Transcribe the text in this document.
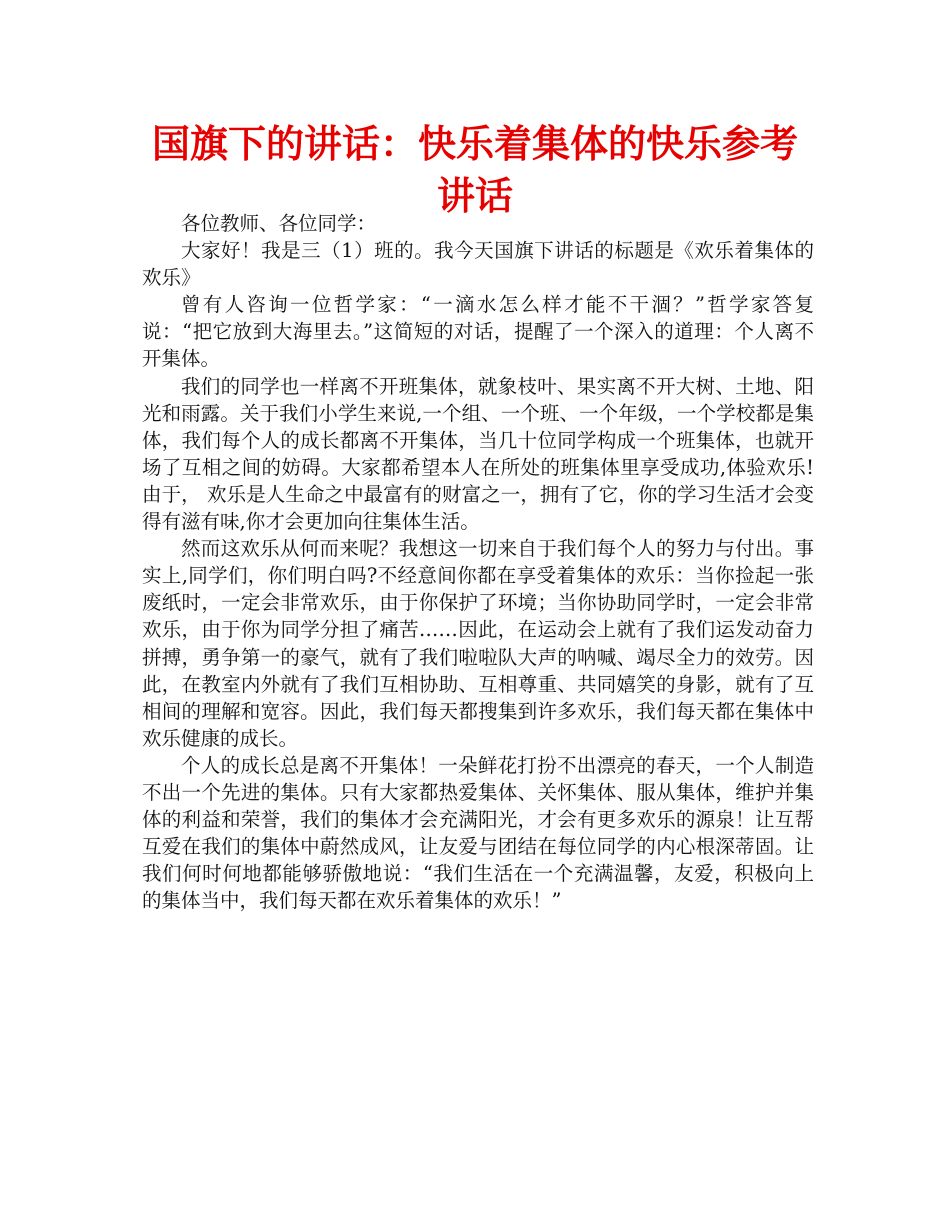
国旗下的讲话：快乐着集体的快乐参考讲话

各位教师、各位同学：

大家好！我是三（1）班的。我今天国旗下讲话的标题是《欢乐着集体的欢乐》

曾有人咨询一位哲学家：“一滴水怎么样才能不干涸？”哲学家答复说：“把它放到大海里去。”这简短的对话，提醒了一个深入的道理：个人离不开集体。

我们的同学也一样离不开班集体，就象枝叶、果实离不开大树、土地、阳光和雨露。关于我们小学生来说,一个组、一个班、一个年级，一个学校都是集体，我们每个人的成长都离不开集体，当几十位同学构成一个班集体，也就开场了互相之间的妨碍。大家都希望本人在所处的班集体里享受成功,体验欢乐!由于， 欢乐是人生命之中最富有的财富之一，拥有了它，你的学习生活才会变得有滋有味,你才会更加向往集体生活。

然而这欢乐从何而来呢？我想这一切来自于我们每个人的努力与付出。事实上,同学们，你们明白吗?不经意间你都在享受着集体的欢乐：当你捡起一张废纸时，一定会非常欢乐，由于你保护了环境；当你协助同学时，一定会非常欢乐，由于你为同学分担了痛苦……因此，在运动会上就有了我们运发动奋力拼搏，勇争第一的豪气，就有了我们啦啦队大声的呐喊、竭尽全力的效劳。因此，在教室内外就有了我们互相协助、互相尊重、共同嬉笑的身影，就有了互相间的理解和宽容。因此，我们每天都搜集到许多欢乐，我们每天都在集体中欢乐健康的成长。

个人的成长总是离不开集体！一朵鲜花打扮不出漂亮的春天，一个人制造不出一个先进的集体。只有大家都热爱集体、关怀集体、服从集体，维护并集体的利益和荣誉，我们的集体才会充满阳光，才会有更多欢乐的源泉！让互帮互爱在我们的集体中蔚然成风，让友爱与团结在每位同学的内心根深蒂固。让我们何时何地都能够骄傲地说：“我们生活在一个充满温馨，友爱，积极向上的集体当中，我们每天都在欢乐着集体的欢乐！”
